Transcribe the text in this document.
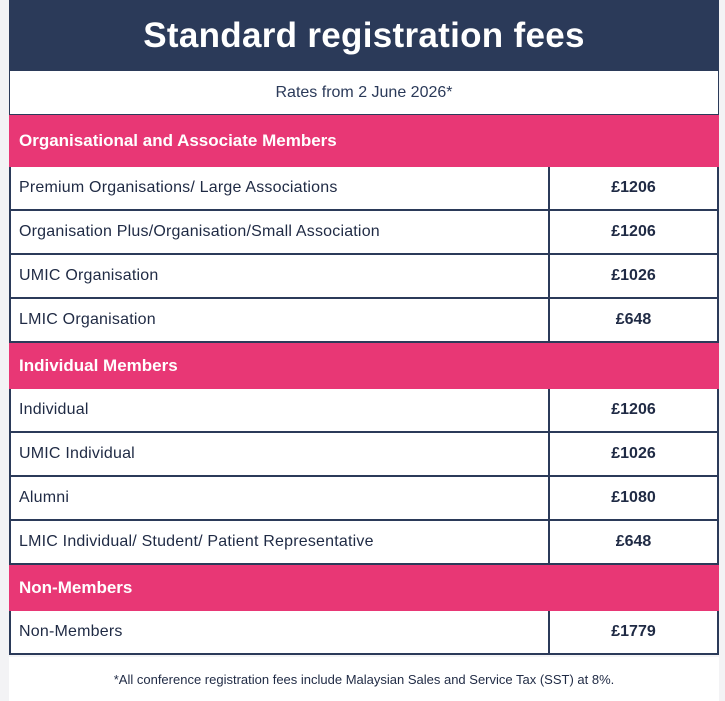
Standard registration fees
Rates from 2 June 2026*
Organisational and Associate Members
Premium Organisations/ Large Associations	£1206
Organisation Plus/Organisation/Small Association	£1206
UMIC Organisation	£1026
LMIC Organisation	£648
Individual Members
Individual	£1206
UMIC Individual	£1026
Alumni	£1080
LMIC Individual/ Student/ Patient Representative	£648
Non-Members
Non-Members	£1779
*All conference registration fees include Malaysian Sales and Service Tax (SST) at 8%.
